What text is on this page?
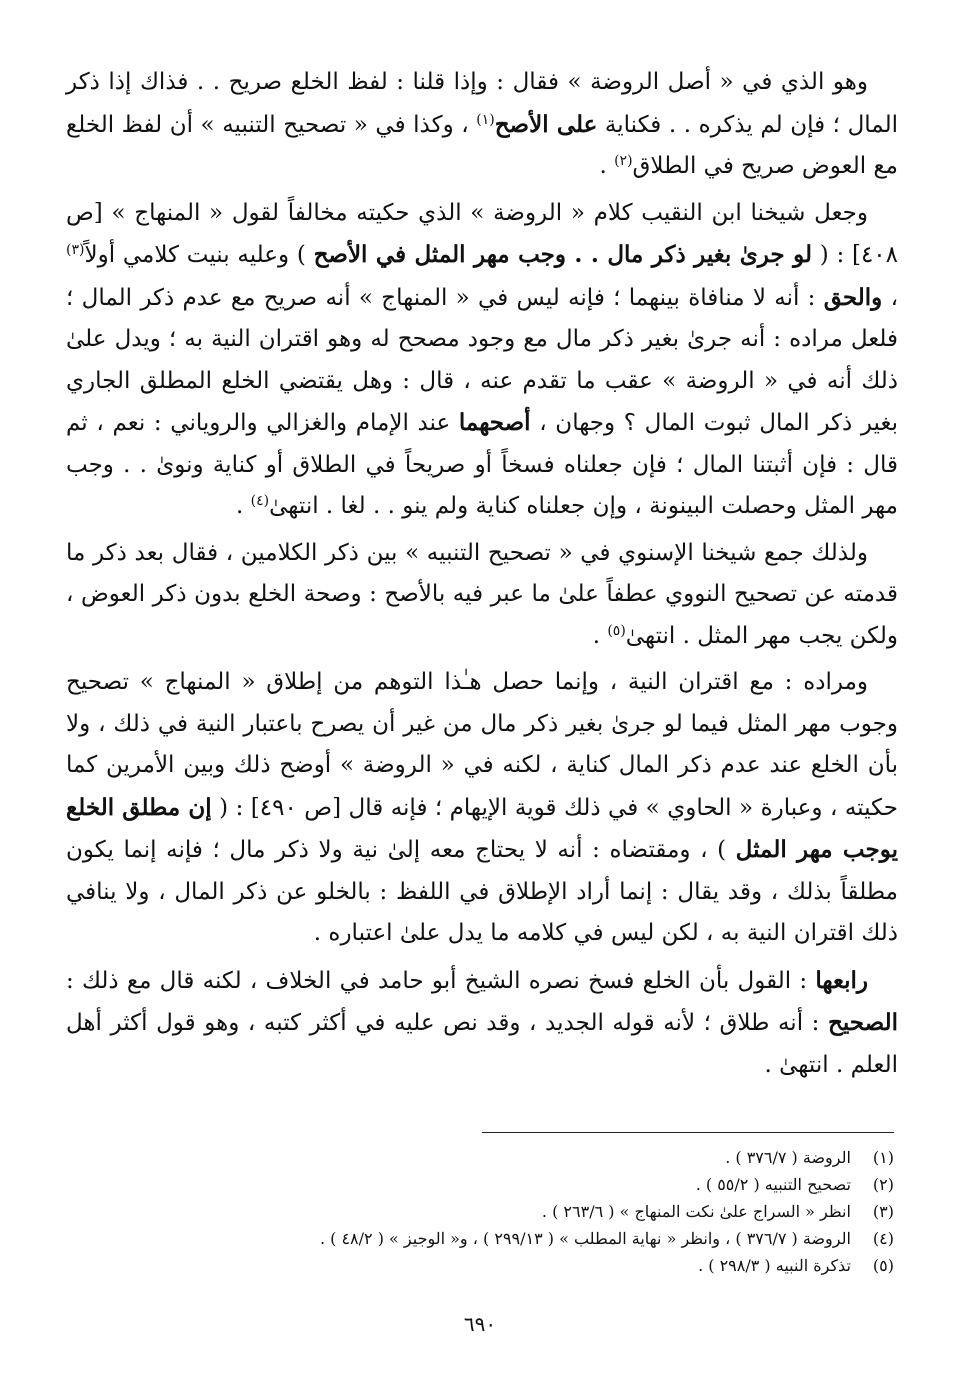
وهو الذي في « أصل الروضة » فقال : وإذا قلنا : لفظ الخلع صريح . . فذاك إذا ذكر المال ؛ فإن لم يذكره . . فكناية على الأصح$^{(١)}$ ، وكذا في « تصحيح التنبيه » أن لفظ الخلع مع العوض صريح في الطلاق$^{(٢)}$ .

وجعل شيخنا ابن النقيب كلام « الروضة » الذي حكيته مخالفاً لقول « المنهاج » [ص ٤٠٨] : ( لو جرىٰ بغير ذكر مال . . وجب مهر المثل في الأصح ) وعليه بنيت كلامي أولاً$^{(٣)}$ ، والحق : أنه لا منافاة بينهما ؛ فإنه ليس في « المنهاج » أنه صريح مع عدم ذكر المال ؛ فلعل مراده : أنه جرىٰ بغير ذكر مال مع وجود مصحح له وهو اقتران النية به ؛ ويدل علىٰ ذلك أنه في « الروضة » عقب ما تقدم عنه ، قال : وهل يقتضي الخلع المطلق الجاري بغير ذكر المال ثبوت المال ؟ وجهان ، أصحهما عند الإمام والغزالي والروياني : نعم ، ثم قال : فإن أثبتنا المال ؛ فإن جعلناه فسخاً أو صريحاً في الطلاق أو كناية ونوىٰ . . وجب مهر المثل وحصلت البينونة ، وإن جعلناه كناية ولم ينو . . لغا . انتهىٰ$^{(٤)}$ .

ولذلك جمع شيخنا الإسنوي في « تصحيح التنبيه » بين ذكر الكلامين ، فقال بعد ذكر ما قدمته عن تصحيح النووي عطفاً علىٰ ما عبر فيه بالأصح : وصحة الخلع بدون ذكر العوض ، ولكن يجب مهر المثل . انتهىٰ$^{(٥)}$ .

ومراده : مع اقتران النية ، وإنما حصل هـٰذا التوهم من إطلاق « المنهاج » تصحيح وجوب مهر المثل فيما لو جرىٰ بغير ذكر مال من غير أن يصرح باعتبار النية في ذلك ، ولا بأن الخلع عند عدم ذكر المال كناية ، لكنه في « الروضة » أوضح ذلك وبين الأمرين كما حكيته ، وعبارة « الحاوي » في ذلك قوية الإيهام ؛ فإنه قال [ص ٤٩٠] : ( إن مطلق الخلع يوجب مهر المثل ) ، ومقتضاه : أنه لا يحتاج معه إلىٰ نية ولا ذكر مال ؛ فإنه إنما يكون مطلقاً بذلك ، وقد يقال : إنما أراد الإطلاق في اللفظ : بالخلو عن ذكر المال ، ولا ينافي ذلك اقتران النية به ، لكن ليس في كلامه ما يدل علىٰ اعتباره .

رابعها : القول بأن الخلع فسخ نصره الشيخ أبو حامد في الخلاف ، لكنه قال مع ذلك : الصحيح : أنه طلاق ؛ لأنه قوله الجديد ، وقد نص عليه في أكثر كتبه ، وهو قول أكثر أهل العلم . انتهىٰ .

(١) الروضة ( ٣٧٦/٧ ) .
(٢) تصحيح التنبيه ( ٥٥/٢ ) .
(٣) انظر « السراج علىٰ نكت المنهاج » ( ٢٦٣/٦ ) .
(٤) الروضة ( ٣٧٦/٧ ) ، وانظر « نهاية المطلب » ( ٢٩٩/١٣ ) ، و« الوجيز » ( ٤٨/٢ ) .
(٥) تذكرة النبيه ( ٢٩٨/٣ ) .
٦٩٠
